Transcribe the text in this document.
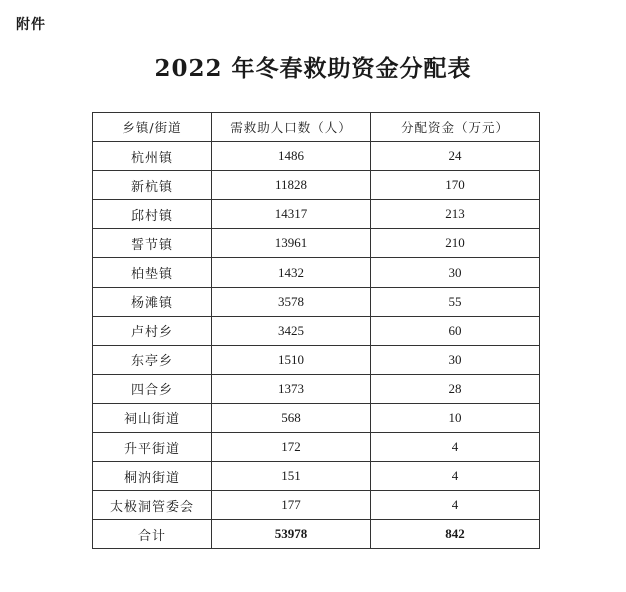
附件
2022 年冬春救助资金分配表
乡镇/街道	需救助人口数（人）	分配资金（万元）
杭州镇	1486	24
新杭镇	11828	170
邱村镇	14317	213
誓节镇	13961	210
柏垫镇	1432	30
杨滩镇	3578	55
卢村乡	3425	60
东亭乡	1510	30
四合乡	1373	28
祠山街道	568	10
升平街道	172	4
桐汭街道	151	4
太极洞管委会	177	4
合计	53978	842
